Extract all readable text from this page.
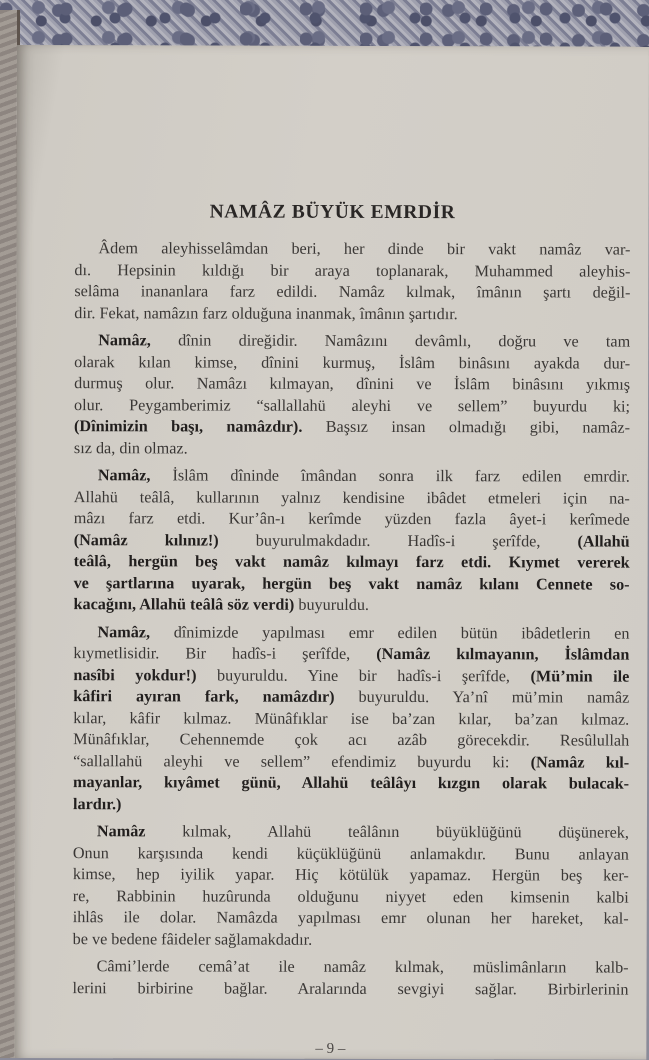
NAMÂZ BÜYÜK EMRDİR
Âdem aleyhisselâmdan beri, her dinde bir vakt namâz var-
dı. Hepsinin kıldığı bir araya toplanarak, Muhammed aleyhis-
selâma inananlara farz edildi. Namâz kılmak, îmânın şartı değil-
dir. Fekat, namâzın farz olduğuna inanmak, îmânın şartıdır.
Namâz, dînin direğidir. Namâzını devâmlı, doğru ve tam
olarak kılan kimse, dînini kurmuş, İslâm binâsını ayakda dur-
durmuş olur. Namâzı kılmayan, dînini ve İslâm binâsını yıkmış
olur. Peygamberimiz “sallallahü aleyhi ve sellem” buyurdu ki;
(Dînimizin başı, namâzdır). Başsız insan olmadığı gibi, namâz-
sız da, din olmaz.
Namâz, İslâm dîninde îmândan sonra ilk farz edilen emrdir.
Allahü teâlâ, kullarının yalnız kendisine ibâdet etmeleri için na-
mâzı farz etdi. Kur’ân-ı kerîmde yüzden fazla âyet-i kerîmede
(Namâz kılınız!) buyurulmakdadır. Hadîs-i şerîfde, (Allahü
teâlâ, hergün beş vakt namâz kılmayı farz etdi. Kıymet vererek
ve şartlarına uyarak, hergün beş vakt namâz kılanı Cennete so-
kacağını, Allahü teâlâ söz verdi) buyuruldu.
Namâz, dînimizde yapılması emr edilen bütün ibâdetlerin en
kıymetlisidir. Bir hadîs-i şerîfde, (Namâz kılmayanın, İslâmdan
nasîbi yokdur!) buyuruldu. Yine bir hadîs-i şerîfde, (Mü’min ile
kâfiri ayıran fark, namâzdır) buyuruldu. Ya’nî mü’min namâz
kılar, kâfir kılmaz. Münâfıklar ise ba’zan kılar, ba’zan kılmaz.
Münâfıklar, Cehennemde çok acı azâb görecekdir. Resûlullah
“sallallahü aleyhi ve sellem” efendimiz buyurdu ki: (Namâz kıl-
mayanlar, kıyâmet günü, Allahü teâlâyı kızgın olarak bulacak-
lardır.)
Namâz kılmak, Allahü teâlânın büyüklüğünü düşünerek,
Onun karşısında kendi küçüklüğünü anlamakdır. Bunu anlayan
kimse, hep iyilik yapar. Hiç kötülük yapamaz. Hergün beş ker-
re, Rabbinin huzûrunda olduğunu niyyet eden kimsenin kalbi
ihlâs ile dolar. Namâzda yapılması emr olunan her hareket, kal-
be ve bedene fâideler sağlamakdadır.
Câmi’lerde cemâ’at ile namâz kılmak, müslimânların kalb-
lerini birbirine bağlar. Aralarında sevgiyi sağlar. Birbirlerinin
– 9 –
